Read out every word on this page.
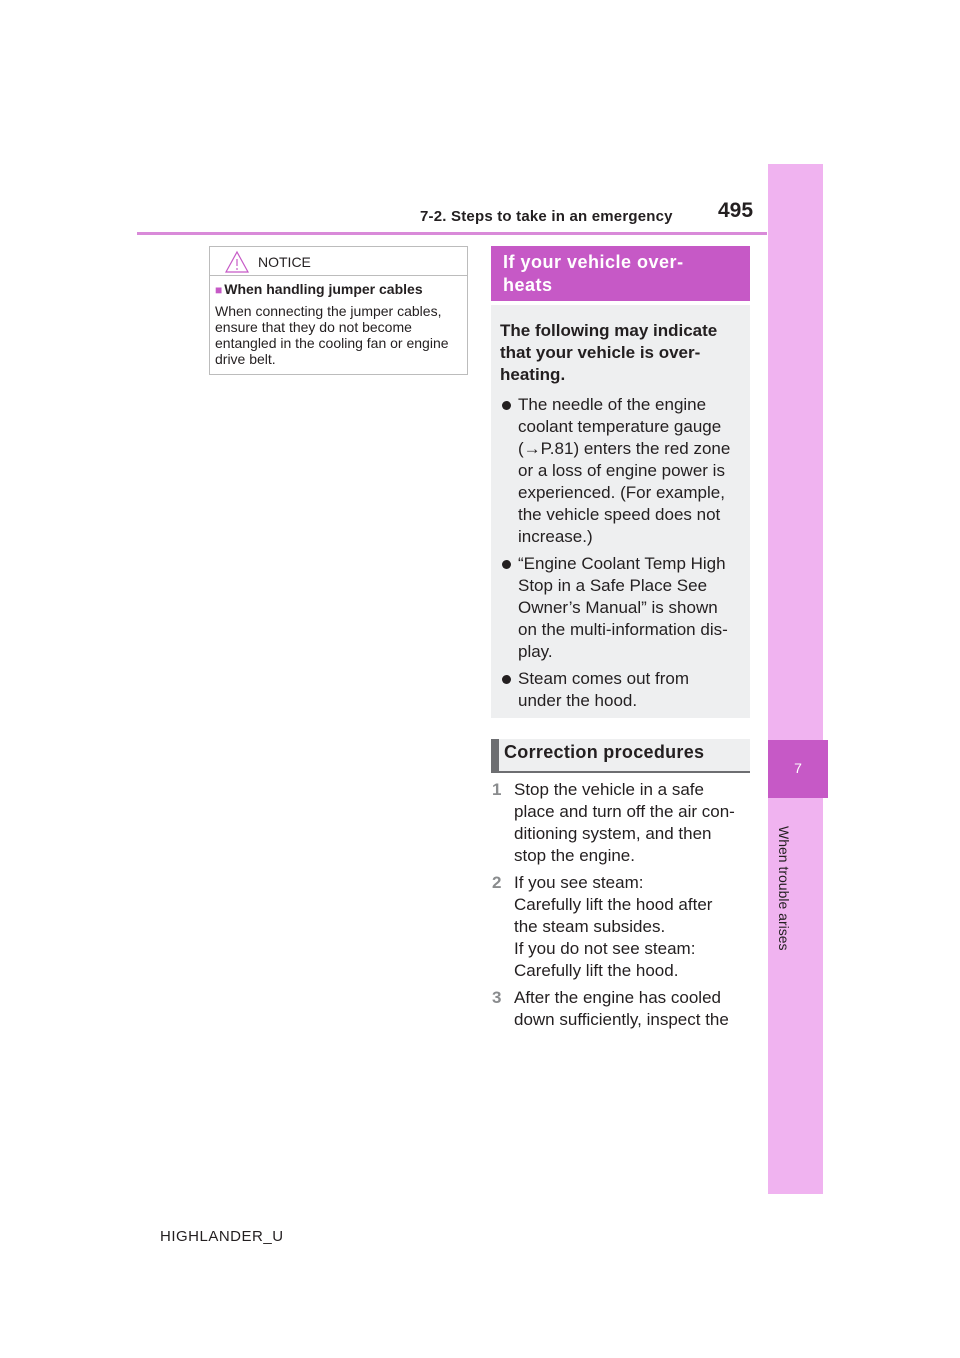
7-2. Steps to take in an emergency 495
7
When trouble arises
NOTICE
■ When handling jumper cables
When connecting the jumper cables, ensure that they do not become entangled in the cooling fan or engine drive belt.
If your vehicle over-
heats
The following may indicate that your vehicle is over-heating.
The needle of the engine
coolant temperature gauge
(→P.81) enters the red zone
or a loss of engine power is
experienced. (For example,
the vehicle speed does not
increase.)
“Engine Coolant Temp High
Stop in a Safe Place See
Owner’s Manual” is shown
on the multi-information dis-
play.
Steam comes out from
under the hood.
Correction procedures
1 Stop the vehicle in a safe
place and turn off the air con-
ditioning system, and then
stop the engine.
2 If you see steam:
Carefully lift the hood after
the steam subsides.
If you do not see steam:
Carefully lift the hood.
3 After the engine has cooled
down sufficiently, inspect the
HIGHLANDER_U
